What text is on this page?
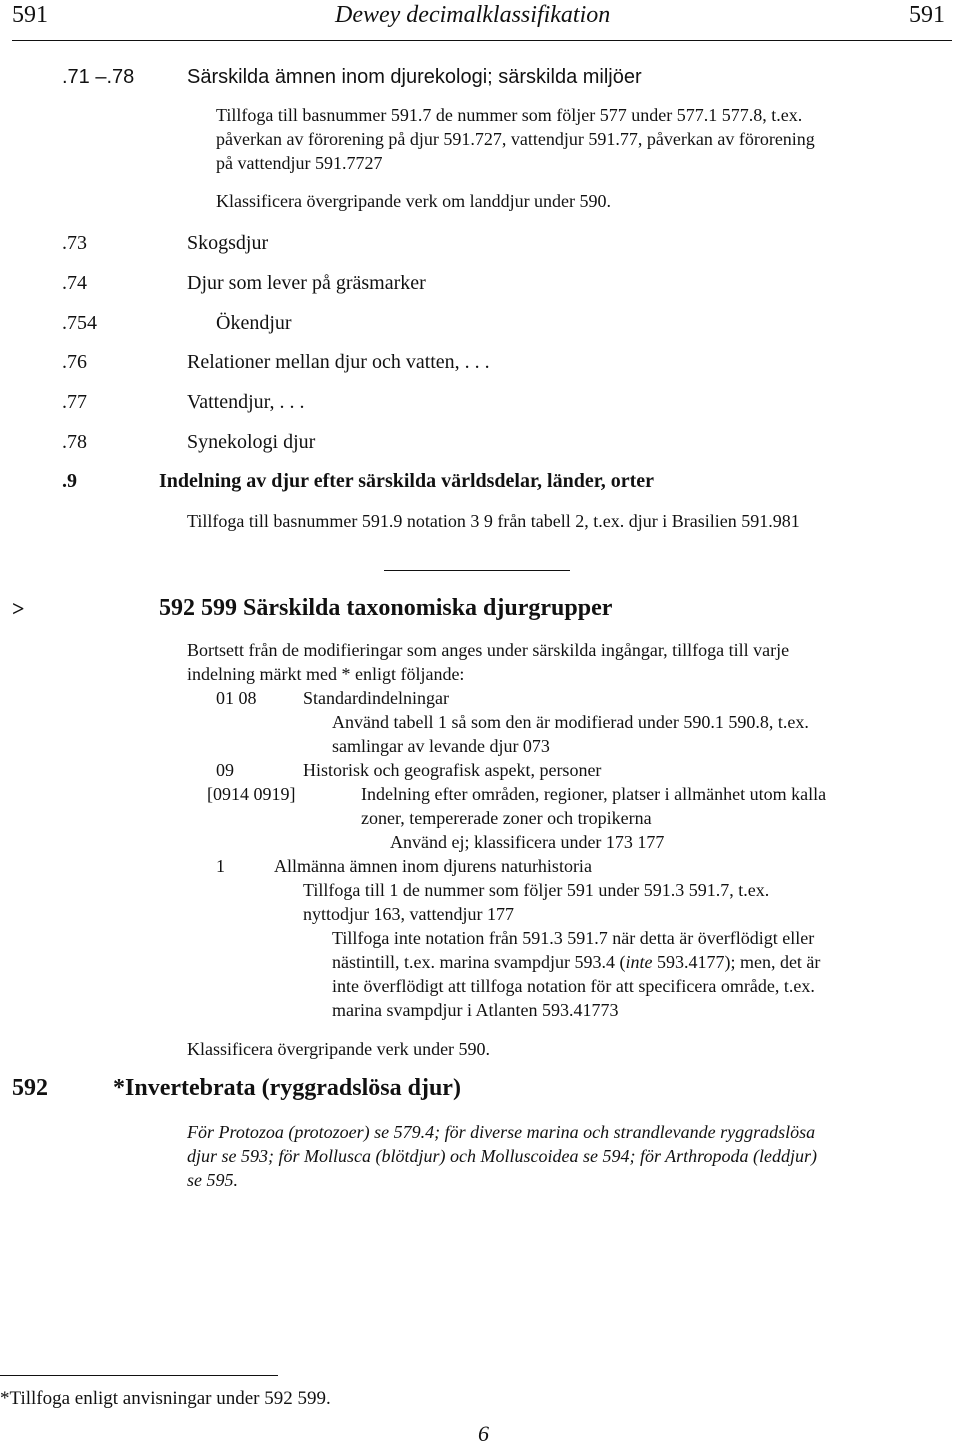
591	Dewey decimalklassifikation	591
.71 –.78	Särskilda ämnen inom djurekologi; särskilda miljöer
Tillfoga till basnummer 591.7 de nummer som följer 577 under 577.1 577.8, t.ex.
påverkan av förorening på djur 591.727, vattendjur 591.77, påverkan av förorening
på vattendjur 591.7727
Klassificera övergripande verk om landdjur under 590.
.73	Skogsdjur
.74	Djur som lever på gräsmarker
.754	Ökendjur
.76	Relationer mellan djur och vatten, . . .
.77	Vattendjur, . . .
.78	Synekologi djur
.9	Indelning av djur efter särskilda världsdelar, länder, orter
Tillfoga till basnummer 591.9 notation 3 9 från tabell 2, t.ex. djur i Brasilien 591.981
>	592 599 Särskilda taxonomiska djurgrupper
Bortsett från de modifieringar som anges under särskilda ingångar, tillfoga till varje
indelning märkt med * enligt följande:
01 08	Standardindelningar
Använd tabell 1 så som den är modifierad under 590.1 590.8, t.ex.
samlingar av levande djur 073
09	Historisk och geografisk aspekt, personer
[0914 0919]	Indelning efter områden, regioner, platser i allmänhet utom kalla
zoner, tempererade zoner och tropikerna
Använd ej; klassificera under 173 177
1	Allmänna ämnen inom djurens naturhistoria
Tillfoga till 1 de nummer som följer 591 under 591.3 591.7, t.ex.
nyttodjur 163, vattendjur 177
Tillfoga inte notation från 591.3 591.7 när detta är överflödigt eller
nästintill, t.ex. marina svampdjur 593.4 (inte 593.4177); men, det är
inte överflödigt att tillfoga notation för att specificera område, t.ex.
marina svampdjur i Atlanten 593.41773
Klassificera övergripande verk under 590.
592	*Invertebrata (ryggradslösa djur)
För Protozoa (protozoer) se 579.4; för diverse marina och strandlevande ryggradslösa
djur se 593; för Mollusca (blötdjur) och Molluscoidea se 594; för Arthropoda (leddjur)
se 595.
*Tillfoga enligt anvisningar under 592 599.
6
